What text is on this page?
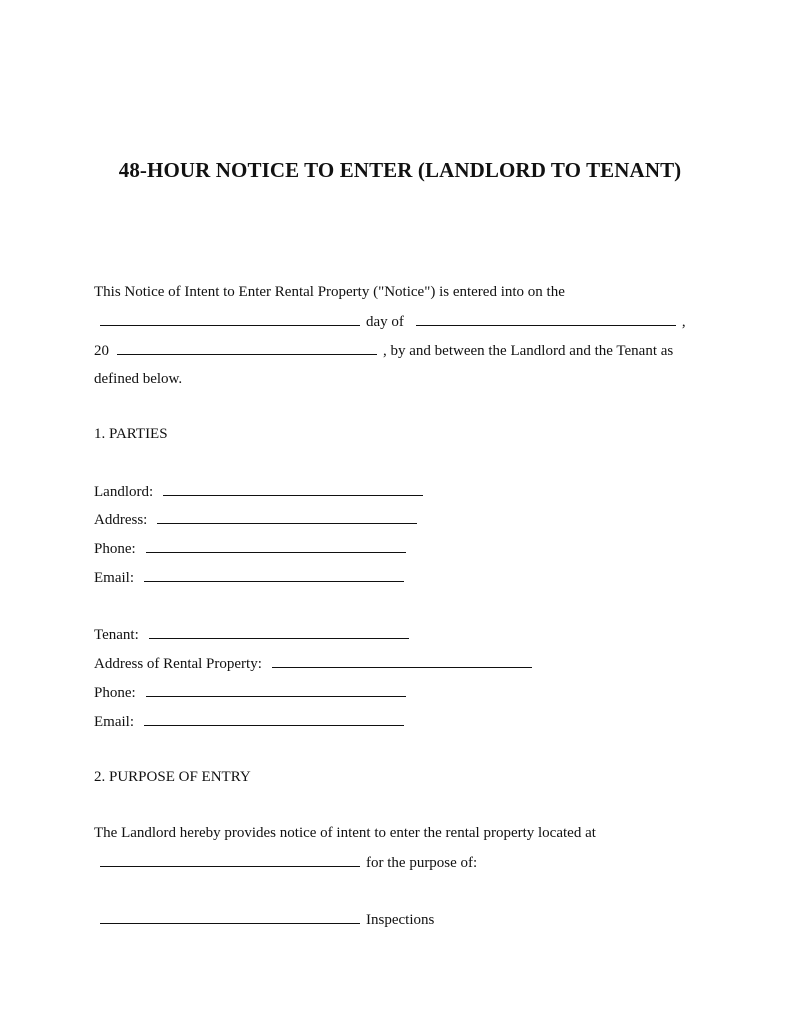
48-HOUR NOTICE TO ENTER (LANDLORD TO TENANT)
This Notice of Intent to Enter Rental Property ("Notice") is entered into on the
day of	,
20	, by and between the Landlord and the Tenant as
defined below.
1. PARTIES
Landlord:
Address:
Phone:
Email:
Tenant:
Address of Rental Property:
Phone:
Email:
2. PURPOSE OF ENTRY
The Landlord hereby provides notice of intent to enter the rental property located at
for the purpose of:
Inspections
